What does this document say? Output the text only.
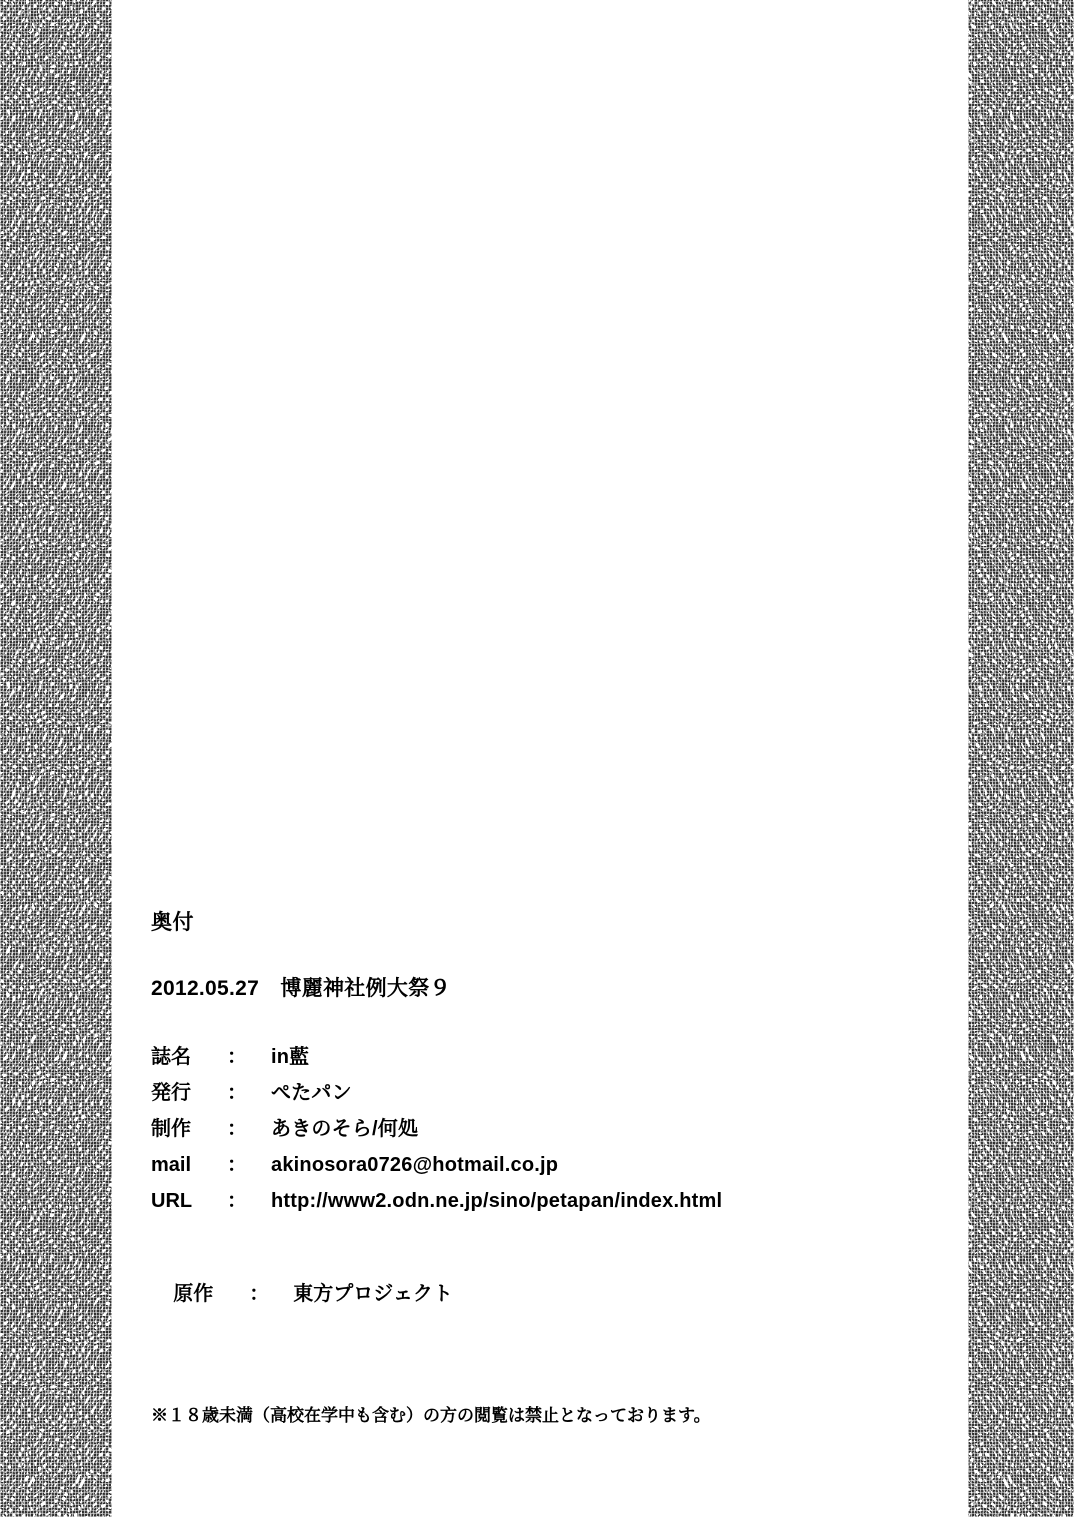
奥付
2012.05.27　博麗神社例大祭９
誌名	：	in藍
発行	：	ぺたパン
制作	：	あきのそら/何処
mail	：	akinosora0726@hotmail.co.jp
URL	：	http://www2.odn.ne.jp/sino/petapan/index.html

原作 ： 東方プロジェクト

※１８歳未満（高校在学中も含む）の方の閲覧は禁止となっております。
